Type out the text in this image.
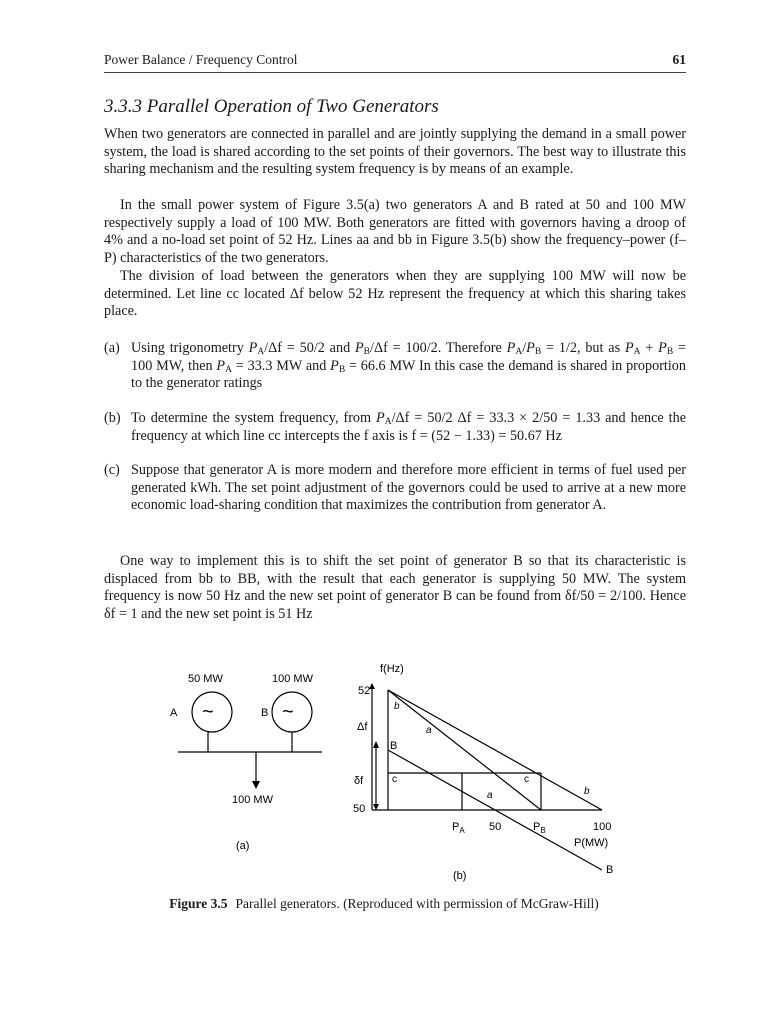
Power Balance / Frequency Control	61
3.3.3 Parallel Operation of Two Generators

When two generators are connected in parallel and are jointly supplying the demand in a small power system, the load is shared according to the set points of their governors. The best way to illustrate this sharing mechanism and the resulting system frequency is by means of an example.

In the small power system of Figure 3.5(a) two generators A and B rated at 50 and 100 MW respectively supply a load of 100 MW. Both generators are fitted with governors having a droop of 4% and a no-load set point of 52 Hz. Lines aa and bb in Figure 3.5(b) show the frequency–power (f–P) characteristics of the two generators.

The division of load between the generators when they are supplying 100 MW will now be determined. Let line cc located Δf below 52 Hz represent the frequency at which this sharing takes place.

(a) Using trigonometry $P_A/\Delta f = 50/2$ and $P_B/\Delta f = 100/2$. Therefore $P_A/P_B = 1/2$, but as $P_A + P_B = 100$ MW, then $P_A = 33.3$ MW and $P_B = 66.6$ MW In this case the demand is shared in proportion to the generator ratings
(b) To determine the system frequency, from $P_A/\Delta f = 50/2$ Δf = 33.3 × 2/50 = 1.33 and hence the frequency at which line cc intercepts the f axis is f = (52 − 1.33) = 50.67 Hz
(c) Suppose that generator A is more modern and therefore more efficient in terms of fuel used per generated kWh. The set point adjustment of the governors could be used to arrive at a new more economic load-sharing condition that maximizes the contribution from generator A.

One way to implement this is to shift the set point of generator B so that its characteristic is displaced from bb to BB, with the result that each generator is supplying 50 MW. The system frequency is now 50 Hz and the new set point of generator B can be found from δf/50 = 2/100. Hence δf = 1 and the new set point is 51 Hz

50 MW	100 MW
A	B
~	~
100 MW
(a)
f(Hz)
52
50
Δf
δf
b
a
a	b
B
B
c	c
$P_A$ 50	$P_B$	100
P(MW)
(b)
Figure 3.5 Parallel generators. (Reproduced with permission of McGraw-Hill)
